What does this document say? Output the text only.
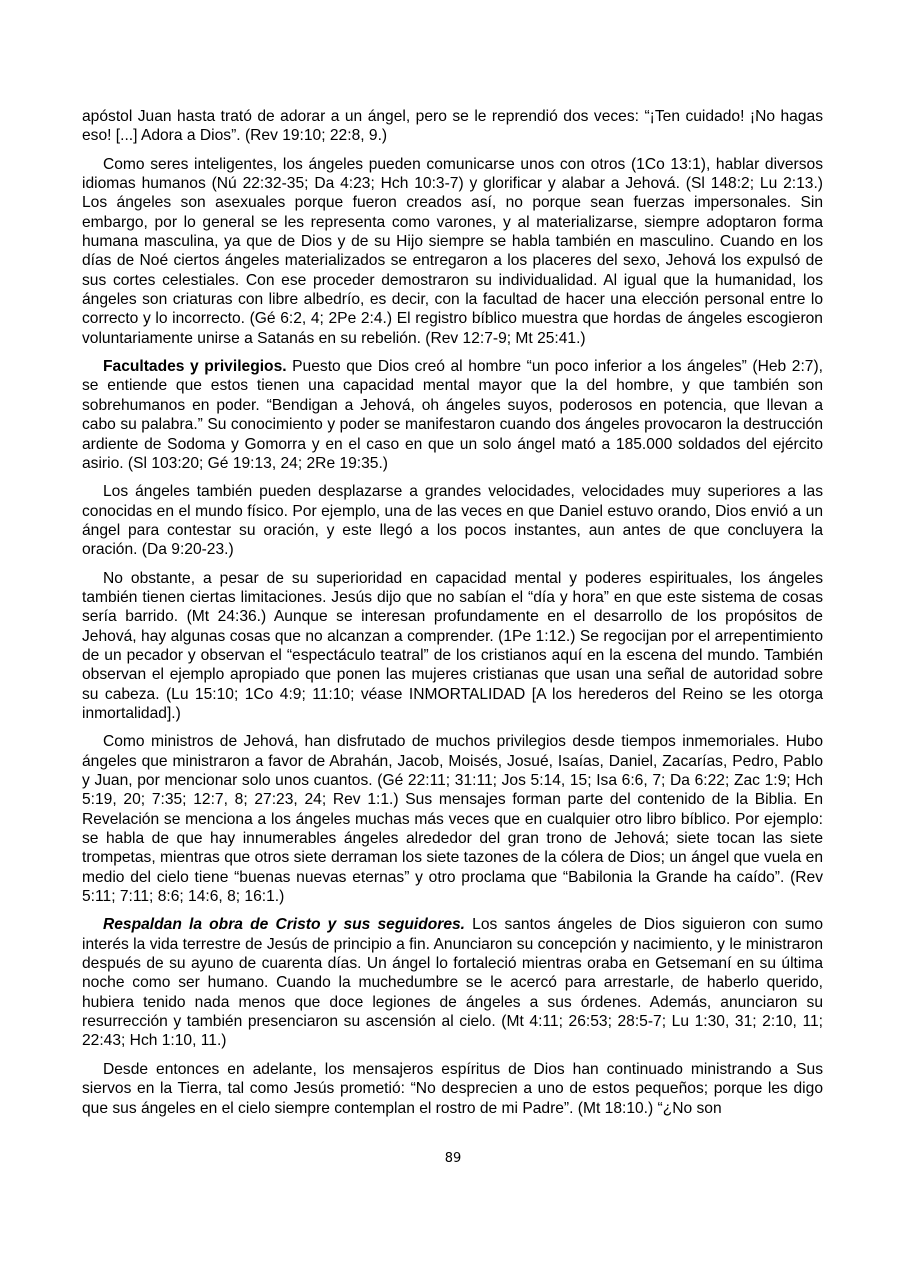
apóstol Juan hasta trató de adorar a un ángel, pero se le reprendió dos veces: “¡Ten cuidado! ¡No hagas eso! [...] Adora a Dios”. (Rev 19:10; 22:8, 9.)

Como seres inteligentes, los ángeles pueden comunicarse unos con otros (1Co 13:1), hablar diversos idiomas humanos (Nú 22:32-35; Da 4:23; Hch 10:3-7) y glorificar y alabar a Jehová. (Sl 148:2; Lu 2:13.) Los ángeles son asexuales porque fueron creados así, no porque sean fuerzas impersonales. Sin embargo, por lo general se les representa como varones, y al materializarse, siempre adoptaron forma humana masculina, ya que de Dios y de su Hijo siempre se habla también en masculino. Cuando en los días de Noé ciertos ángeles materializados se entregaron a los placeres del sexo, Jehová los expulsó de sus cortes celestiales. Con ese proceder demostraron su individualidad. Al igual que la humanidad, los ángeles son criaturas con libre albedrío, es decir, con la facultad de hacer una elección personal entre lo correcto y lo incorrecto. (Gé 6:2, 4; 2Pe 2:4.) El registro bíblico muestra que hordas de ángeles escogieron voluntariamente unirse a Satanás en su rebelión. (Rev 12:7-9; Mt 25:41.)

Facultades y privilegios. Puesto que Dios creó al hombre “un poco inferior a los ángeles” (Heb 2:7), se entiende que estos tienen una capacidad mental mayor que la del hombre, y que también son sobrehumanos en poder. “Bendigan a Jehová, oh ángeles suyos, poderosos en potencia, que llevan a cabo su palabra.” Su conocimiento y poder se manifestaron cuando dos ángeles provocaron la destrucción ardiente de Sodoma y Gomorra y en el caso en que un solo ángel mató a 185.000 soldados del ejército asirio. (Sl 103:20; Gé 19:13, 24; 2Re 19:35.)

Los ángeles también pueden desplazarse a grandes velocidades, velocidades muy superiores a las conocidas en el mundo físico. Por ejemplo, una de las veces en que Daniel estuvo orando, Dios envió a un ángel para contestar su oración, y este llegó a los pocos instantes, aun antes de que concluyera la oración. (Da 9:20-23.)

No obstante, a pesar de su superioridad en capacidad mental y poderes espirituales, los ángeles también tienen ciertas limitaciones. Jesús dijo que no sabían el “día y hora” en que este sistema de cosas sería barrido. (Mt 24:36.) Aunque se interesan profundamente en el desarrollo de los propósitos de Jehová, hay algunas cosas que no alcanzan a comprender. (1Pe 1:12.) Se regocijan por el arrepentimiento de un pecador y observan el “espectáculo teatral” de los cristianos aquí en la escena del mundo. También observan el ejemplo apropiado que ponen las mujeres cristianas que usan una señal de autoridad sobre su cabeza. (Lu 15:10; 1Co 4:9; 11:10; véase INMORTALIDAD [A los herederos del Reino se les otorga inmortalidad].)

Como ministros de Jehová, han disfrutado de muchos privilegios desde tiempos inmemoriales. Hubo ángeles que ministraron a favor de Abrahán, Jacob, Moisés, Josué, Isaías, Daniel, Zacarías, Pedro, Pablo y Juan, por mencionar solo unos cuantos. (Gé 22:11; 31:11; Jos 5:14, 15; Isa 6:6, 7; Da 6:22; Zac 1:9; Hch 5:19, 20; 7:35; 12:7, 8; 27:23, 24; Rev 1:1.) Sus mensajes forman parte del contenido de la Biblia. En Revelación se menciona a los ángeles muchas más veces que en cualquier otro libro bíblico. Por ejemplo: se habla de que hay innumerables ángeles alrededor del gran trono de Jehová; siete tocan las siete trompetas, mientras que otros siete derraman los siete tazones de la cólera de Dios; un ángel que vuela en medio del cielo tiene “buenas nuevas eternas” y otro proclama que “Babilonia la Grande ha caído”. (Rev 5:11; 7:11; 8:6; 14:6, 8; 16:1.)

Respaldan la obra de Cristo y sus seguidores. Los santos ángeles de Dios siguieron con sumo interés la vida terrestre de Jesús de principio a fin. Anunciaron su concepción y nacimiento, y le ministraron después de su ayuno de cuarenta días. Un ángel lo fortaleció mientras oraba en Getsemaní en su última noche como ser humano. Cuando la muchedumbre se le acercó para arrestarle, de haberlo querido, hubiera tenido nada menos que doce legiones de ángeles a sus órdenes. Además, anunciaron su resurrección y también presenciaron su ascensión al cielo. (Mt 4:11; 26:53; 28:5-7; Lu 1:30, 31; 2:10, 11; 22:43; Hch 1:10, 11.)

Desde entonces en adelante, los mensajeros espíritus de Dios han continuado ministrando a Sus siervos en la Tierra, tal como Jesús prometió: “No desprecien a uno de estos pequeños; porque les digo que sus ángeles en el cielo siempre contemplan el rostro de mi Padre”. (Mt 18:10.) “¿No son

89
